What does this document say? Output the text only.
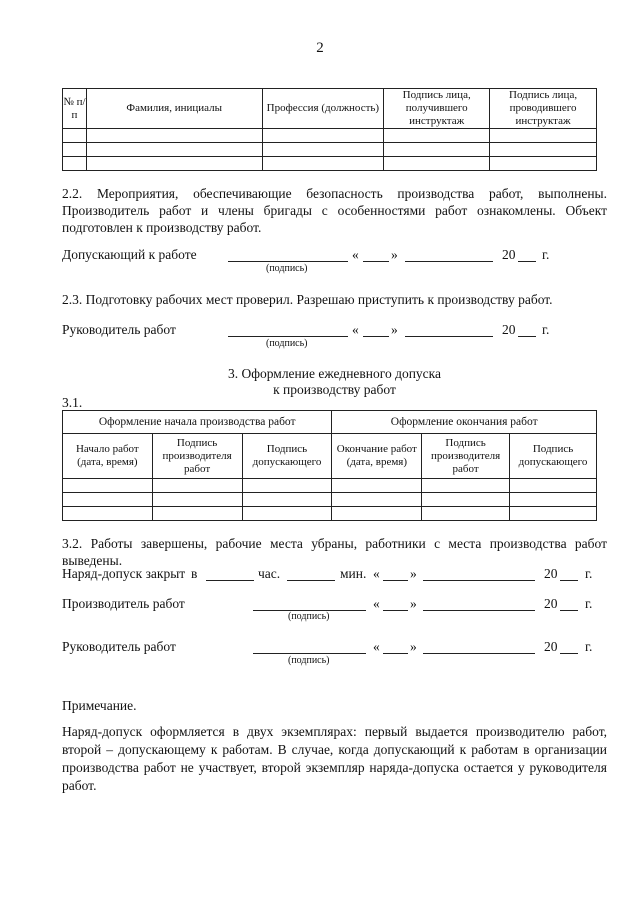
2
№ п/п	Фамилия, инициалы	Профессия (должность)	Подпись лица, получившего инструктаж	Подпись лица, проводившего инструктаж

2.2. Мероприятия, обеспечивающие безопасность производства работ, выполнены. Производитель работ и члены бригады с особенностями работ ознакомлены. Объект подготовлен к производству работ.
Допускающий к работе
(подпись)
« »	20 г.
2.3. Подготовку рабочих мест проверил. Разрешаю приступить к производству работ.
Руководитель работ
(подпись)
« »	20 г.
3. Оформление ежедневного допуска
к производству работ
3.1.
Оформление начала производства работ			Оформление окончания работ		
Начало работ (дата, время)	Подпись производителя работ	Подпись допускающего	Окончание работ (дата, время)	Подпись производителя работ	Подпись допускающего

3.2. Работы завершены, рабочие места убраны, работники с места производства работ выведены.
Наряд-допуск закрыт в	час.	мин. « »	20 г.
Производитель работ
(подпись)
« »	20 г.
Руководитель работ
(подпись)
« »	20 г.
Примечание.
Наряд-допуск оформляется в двух экземплярах: первый выдается производителю работ, второй – допускающему к работам. В случае, когда допускающий к работам в организации производства работ не участвует, второй экземпляр наряда-допуска остается у руководителя работ.
